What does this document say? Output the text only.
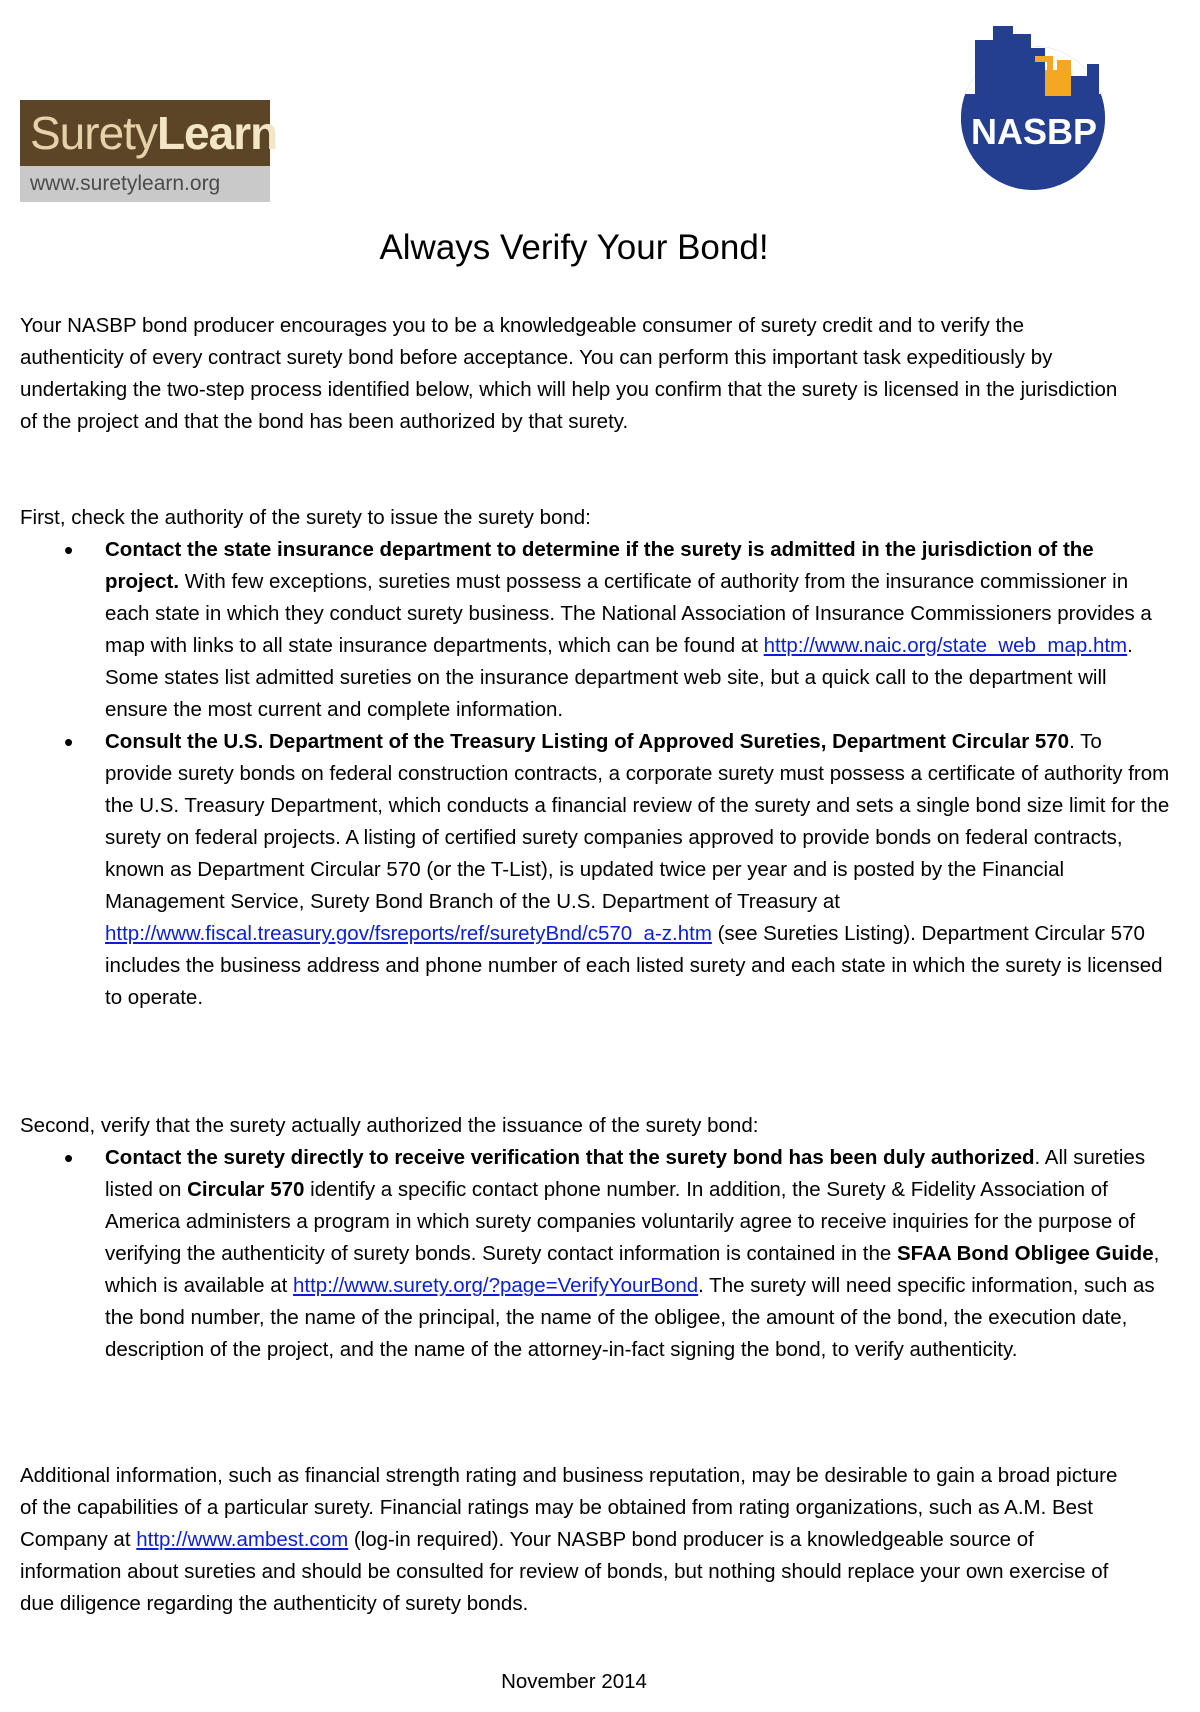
Surety Learn
www.suretylearn.org
NASBP
Always Verify Your Bond!
Your NASBP bond producer encourages you to be a knowledgeable consumer of surety credit and to verify the authenticity of every contract surety bond before acceptance. You can perform this important task expeditiously by undertaking the two-step process identified below, which will help you confirm that the surety is licensed in the jurisdiction of the project and that the bond has been authorized by that surety.
First, check the authority of the surety to issue the surety bond:
• Contact the state insurance department to determine if the surety is admitted in the jurisdiction of the project. With few exceptions, sureties must possess a certificate of authority from the insurance commissioner in each state in which they conduct surety business. The National Association of Insurance Commissioners provides a map with links to all state insurance departments, which can be found at http://www.naic.org/state_web_map.htm. Some states list admitted sureties on the insurance department web site, but a quick call to the department will ensure the most current and complete information.
• Consult the U.S. Department of the Treasury Listing of Approved Sureties, Department Circular 570. To provide surety bonds on federal construction contracts, a corporate surety must possess a certificate of authority from the U.S. Treasury Department, which conducts a financial review of the surety and sets a single bond size limit for the surety on federal projects. A listing of certified surety companies approved to provide bonds on federal contracts, known as Department Circular 570 (or the T-List), is updated twice per year and is posted by the Financial Management Service, Surety Bond Branch of the U.S. Department of Treasury at http://www.fiscal.treasury.gov/fsreports/ref/suretyBnd/c570_a-z.htm (see Sureties Listing). Department Circular 570 includes the business address and phone number of each listed surety and each state in which the surety is licensed to operate.
Second, verify that the surety actually authorized the issuance of the surety bond:
• Contact the surety directly to receive verification that the surety bond has been duly authorized. All sureties listed on Circular 570 identify a specific contact phone number. In addition, the Surety & Fidelity Association of America administers a program in which surety companies voluntarily agree to receive inquiries for the purpose of verifying the authenticity of surety bonds. Surety contact information is contained in the SFAA Bond Obligee Guide, which is available at http://www.surety.org/?page=VerifyYourBond. The surety will need specific information, such as the bond number, the name of the principal, the name of the obligee, the amount of the bond, the execution date, description of the project, and the name of the attorney-in-fact signing the bond, to verify authenticity.
Additional information, such as financial strength rating and business reputation, may be desirable to gain a broad picture of the capabilities of a particular surety. Financial ratings may be obtained from rating organizations, such as A.M. Best Company at http://www.ambest.com (log-in required). Your NASBP bond producer is a knowledgeable source of information about sureties and should be consulted for review of bonds, but nothing should replace your own exercise of due diligence regarding the authenticity of surety bonds.
November 2014
